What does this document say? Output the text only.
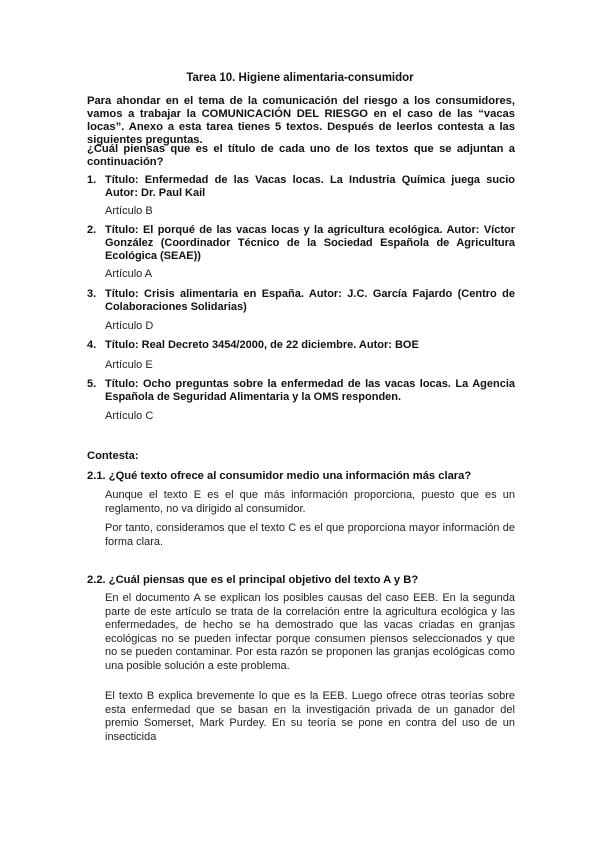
Tarea 10. Higiene alimentaria-consumidor
Para ahondar en el tema de la comunicación del riesgo a los consumidores, vamos a trabajar la COMUNICACIÓN DEL RIESGO en el caso de las “vacas locas”. Anexo a esta tarea tienes 5 textos. Después de leerlos contesta a las siguientes preguntas.
¿Cuál piensas que es el título de cada uno de los textos que se adjuntan a continuación?
1. Título: Enfermedad de las Vacas locas. La Industria Química juega sucio Autor: Dr. Paul Kail
Artículo B
2. Título: El porqué de las vacas locas y la agricultura ecológica. Autor: Víctor González (Coordinador Técnico de la Sociedad Española de Agricultura Ecológica (SEAE))
Artículo A
3. Título: Crisis alimentaria en España. Autor: J.C. García Fajardo (Centro de Colaboraciones Solidarias)
Artículo D
4. Título: Real Decreto 3454/2000, de 22 diciembre. Autor: BOE
Artículo E
5. Título: Ocho preguntas sobre la enfermedad de las vacas locas. La Agencia Española de Seguridad Alimentaria y la OMS responden.
Artículo C
Contesta:
2.1. ¿Qué texto ofrece al consumidor medio una información más clara?
Aunque el texto E es el que más información proporciona, puesto que es un reglamento, no va dirigido al consumidor.
Por tanto, consideramos que el texto C es el que proporciona mayor información de forma clara.
2.2. ¿Cuál piensas que es el principal objetivo del texto A y B?
En el documento A se explican los posibles causas del caso EEB. En la segunda parte de este artículo se trata de la correlación entre la agricultura ecológica y las enfermedades, de hecho se ha demostrado que las vacas criadas en granjas ecológicas no se pueden infectar porque consumen piensos seleccionados y que no se pueden contaminar. Por esta razón se proponen las granjas ecológicas como una posible solución a este problema.
El texto B explica brevemente lo que es la EEB. Luego ofrece otras teorías sobre esta enfermedad que se basan en la investigación privada de un ganador del premio Somerset, Mark Purdey. En su teoría se pone en contra del uso de un insecticida
